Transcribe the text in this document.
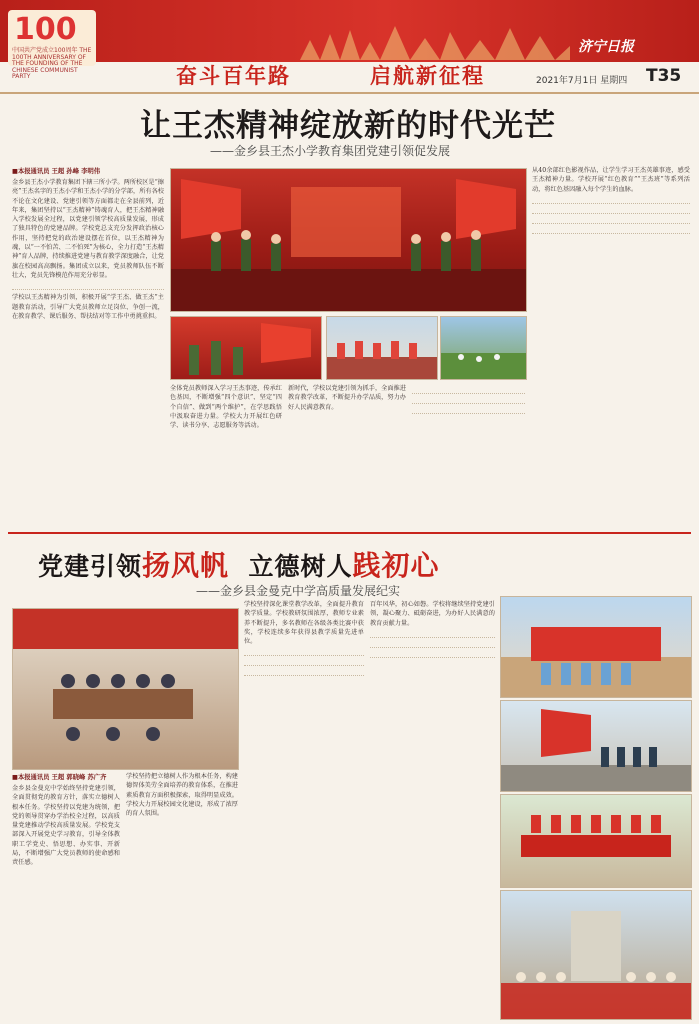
100
中国共产党成立100周年 THE 100TH ANNIVERSARY OF THE FOUNDING OF THE CHINESE COMMUNIST PARTY
济宁日报
奋斗百年路	启航新征程	2021年7月1日 星期四 T35
让王杰精神绽放新的时代光芒
——金乡县王杰小学教育集团党建引领促发展
■本报通讯员 王超 孙峰 李明伟
金乡县王杰小学教育集团下辖三所小学。两所校区是“擦亮”王杰名字的王杰小学和王杰小学的分学部，所有各校不论在文化建设、党建引领等方面都走在全县前列，近年来，集团坚持以“王杰精神”铸魂育人，把王杰精神融入学校发展全过程，以党建引领学校高质量发展，形成了独具特色的党建品牌。学校党总支充分发挥政治核心作用，坚持把党的政治建设摆在首位，以王杰精神为魂，以“一不怕苦、二不怕死”为核心，全力打造“王杰精神”育人品牌，持续推进党建与教育教学深度融合，让党旗在校园高高飘扬。集团成立以来，党员教师队伍不断壮大，党员先锋模范作用充分彰显。
学校以王杰精神为引领，积极开展“学王杰、做王杰”主题教育活动，引导广大党员教师立足岗位、争创一流，在教育教学、课后服务、帮扶结对等工作中勇挑重担。
全体党员教师深入学习王杰事迹，传承红色基因，不断增强“四个意识”、坚定“四个自信”、做到“两个维护”，在学思践悟中汲取奋进力量。学校大力开展红色研学、读书分享、志愿服务等活动。
新时代，学校以党建引领为抓手，全面推进教育教学改革，不断提升办学品质，努力办好人民满意教育。
从40余部红色影视作品，让学生学习王杰英雄事迹，感受王杰精神力量。学校开展“红色教育”“王杰班”等系列活动，将红色基因融入每个学生的血脉。
党建引领扬风帆 立德树人践初心
——金乡县金曼克中学高质量发展纪实
■本报通讯员 王超 郭晓峰 苏广齐
金乡县金曼克中学始终坚持党建引领，全面贯彻党的教育方针，落实立德树人根本任务。学校坚持以党建为统领，把党的领导贯穿办学治校全过程，以高质量党建推动学校高质量发展。学校党支部深入开展党史学习教育，引导全体教职工学党史、悟思想、办实事、开新局，不断增强广大党员教师的使命感和责任感。
学校坚持把立德树人作为根本任务，构建德智体美劳全面培养的教育体系，在推进素质教育方面积极探索，取得明显成效。学校大力开展校园文化建设，形成了浓厚的育人氛围。
学校坚持深化课堂教学改革，全面提升教育教学质量。学校教研氛围浓厚，教师专业素养不断提升，多名教师在各级各类比赛中获奖，学校连续多年获得县教学质量先进单位。
百年风华，初心如磐。学校将继续坚持党建引领，凝心聚力、砥砺奋进，为办好人民满意的教育贡献力量。
